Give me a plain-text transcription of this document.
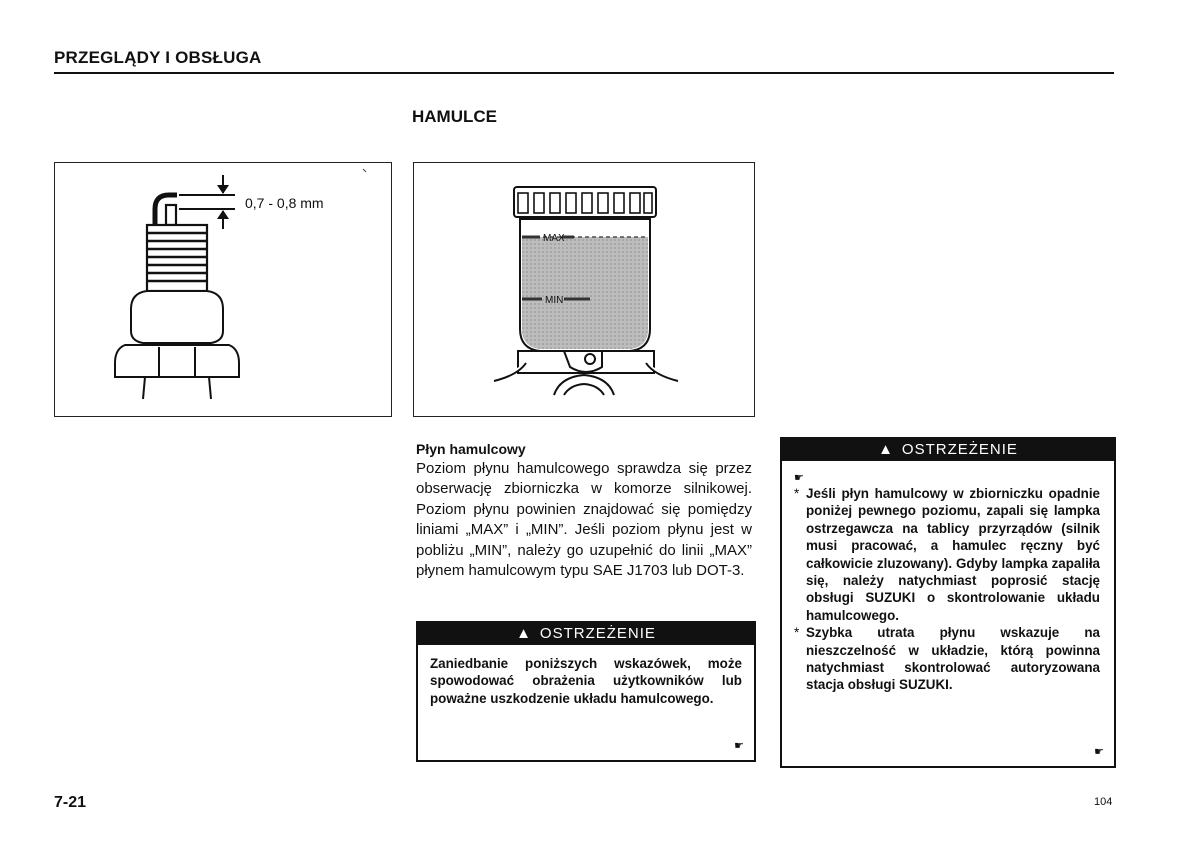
PRZEGLĄDY I OBSŁUGA
HAMULCE
0,7 - 0,8 mm
MAX
MIN
Płyn hamulcowy
Poziom płynu hamulcowego sprawdza się przez obserwację zbiorniczka w komorze silnikowej. Poziom płynu powinien znajdować się pomiędzy liniami „MAX” i „MIN”. Jeśli poziom płynu jest w pobliżu „MIN”, należy go uzupełnić do linii „MAX” płynem hamulcowym typu SAE J1703 lub DOT-3.
▲ OSTRZEŻENIE
Zaniedbanie poniższych wskazówek, może spowodować obrażenia użytkowników lub poważne uszkodzenie układu hamulcowego.
☛
▲ OSTRZEŻENIE
☛
* Jeśli płyn hamulcowy w zbiorniczku opadnie poniżej pewnego poziomu, zapali się lampka ostrzegawcza na tablicy przyrządów (silnik musi pracować, a hamulec ręczny być całkowicie zluzowany). Gdyby lampka zapaliła się, należy natychmiast poprosić stację obsługi SUZUKI o skontrolowanie układu hamulcowego.
* Szybka utrata płynu wskazuje na nieszczelność w układzie, którą powinna natychmiast skontrolować autoryzowana stacja obsługi SUZUKI.
☛
7-21	104
